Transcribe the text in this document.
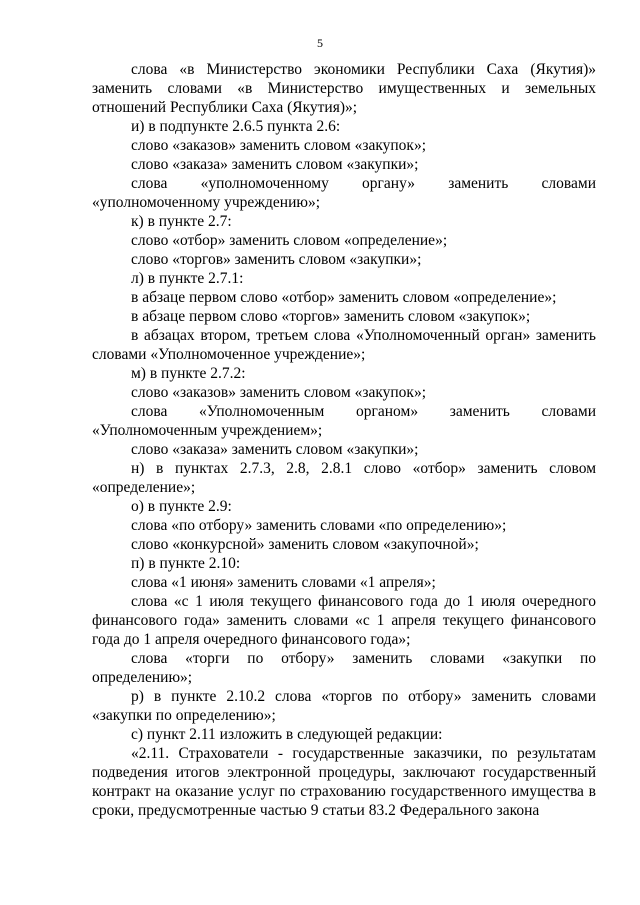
5

слова «в Министерство экономики Республики Саха (Якутия)» заменить словами «в Министерство имущественных и земельных отношений Республики Саха (Якутия)»;

и) в подпункте 2.6.5 пункта 2.6:

слово «заказов» заменить словом «закупок»;

слово «заказа» заменить словом «закупки»;

слова «уполномоченному органу» заменить словами «уполномоченному учреждению»;

к) в пункте 2.7:

слово «отбор» заменить словом «определение»;

слово «торгов» заменить словом «закупки»;

л) в пункте 2.7.1:

в абзаце первом слово «отбор» заменить словом «определение»;

в абзаце первом слово «торгов» заменить словом «закупок»;

в абзацах втором, третьем слова «Уполномоченный орган» заменить словами «Уполномоченное учреждение»;

м) в пункте 2.7.2:

слово «заказов» заменить словом «закупок»;

слова «Уполномоченным органом» заменить словами «Уполномоченным учреждением»;

слово «заказа» заменить словом «закупки»;

н) в пунктах 2.7.3, 2.8, 2.8.1 слово «отбор» заменить словом «определение»;

о) в пункте 2.9:

слова «по отбору» заменить словами «по определению»;

слово «конкурсной» заменить словом «закупочной»;

п) в пункте 2.10:

слова «1 июня» заменить словами «1 апреля»;

слова «с 1 июля текущего финансового года до 1 июля очередного финансового года» заменить словами «с 1 апреля текущего финансового года до 1 апреля очередного финансового года»;

слова «торги по отбору» заменить словами «закупки по определению»;

р) в пункте 2.10.2 слова «торгов по отбору» заменить словами «закупки по определению»;

с) пункт 2.11 изложить в следующей редакции:

«2.11. Страхователи - государственные заказчики, по результатам подведения итогов электронной процедуры, заключают государственный контракт на оказание услуг по страхованию государственного имущества в сроки, предусмотренные частью 9 статьи 83.2 Федерального закона
